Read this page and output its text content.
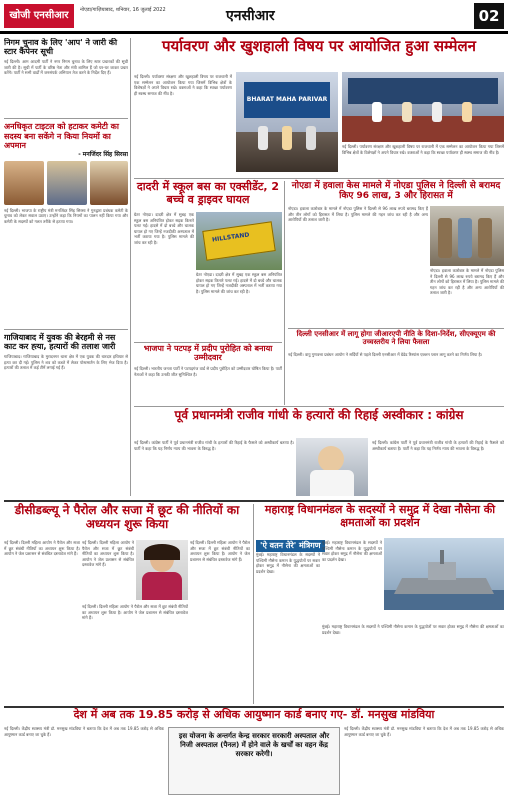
खोजी एनसीआर	नोएडा/गाज़ियाबाद, शनिवार, 16 जुलाई 2022	एनसीआर	02
निगम चुनाव के लिए 'आप' ने जारी की स्टार कैंपेनर सूची
नई दिल्ली। आम आदमी पार्टी ने नगर निगम चुनाव के लिए स्टार प्रचारकों की सूची जारी की है। सूची में पार्टी के वरिष्ठ नेता और मंत्री शामिल हैं जो घर-घर जाकर प्रचार करेंगे। पार्टी ने सभी वार्डों में जनसंपर्क अभियान तेज करने के निर्देश दिए हैं।
अनधिकृत टाइटल को हटाकर कमेटी का सदस्य बना सकेंगे न किया नियमों का अपमान
- मनजिंदर सिंह सिरसा
नई दिल्ली। भाजपा के राष्ट्रीय मंत्री मनजिंदर सिंह सिरसा ने गुरुद्वारा प्रबंधक कमेटी के चुनाव को लेकर सवाल उठाए। उन्होंने कहा कि नियमों का पालन नहीं किया गया और कमेटी के सदस्यों को गलत तरीके से हटाया गया।
गाजियाबाद में युवक की बेरहमी से नस काट कर ह्त्या, हत्यारों की तलाश जारी
गाजियाबाद। गाजियाबाद के मुरादनगर थाना क्षेत्र में एक युवक की धारदार हथियार से हत्या कर दी गई। पुलिस ने शव को कब्जे में लेकर पोस्टमार्टम के लिए भेज दिया है। हत्यारों की तलाश में कई टीमें लगाई गई हैं।
पर्यावरण और खुशहाली विषय पर आयोजित हुआ सम्मेलन
नई दिल्ली। पर्यावरण संरक्षण और खुशहाली विषय पर राजधानी में एक सम्मेलन का आयोजन किया गया जिसमें विभिन्न क्षेत्रों के विशेषज्ञों ने अपने विचार रखे। वक्ताओं ने कहा कि स्वच्छ पर्यावरण ही स्वस्थ समाज की नींव है।
BHARAT MAHA PARIVAR
नई दिल्ली। पर्यावरण संरक्षण और खुशहाली विषय पर राजधानी में एक सम्मेलन का आयोजन किया गया जिसमें विभिन्न क्षेत्रों के विशेषज्ञों ने अपने विचार रखे। वक्ताओं ने कहा कि स्वच्छ पर्यावरण ही स्वस्थ समाज की नींव है।
दादरी में स्कूल बस का एक्सीडेंट, 2 बच्चे व ड्राइवर घायल
ग्रेटर नोएडा। दादरी क्षेत्र में सुबह एक स्कूल बस अनियंत्रित होकर सड़क किनारे पलट गई। हादसे में दो बच्चे और चालक घायल हो गए जिन्हें नजदीकी अस्पताल में भर्ती कराया गया है। पुलिस मामले की जांच कर रही है।	HILLSTAND
ग्रेटर नोएडा। दादरी क्षेत्र में सुबह एक स्कूल बस अनियंत्रित होकर सड़क किनारे पलट गई। हादसे में दो बच्चे और चालक घायल हो गए जिन्हें नजदीकी अस्पताल में भर्ती कराया गया है। पुलिस मामले की जांच कर रही है।
नोएडा में हवाला केस मामले में नोएडा पुलिस ने दिल्ली से बरामद किए 96 लाख, 3 और हिरासत में
नोएडा। हवाला कारोबार के मामले में नोएडा पुलिस ने दिल्ली से 96 लाख रुपये बरामद किए हैं और तीन लोगों को हिरासत में लिया है। पुलिस मामले की गहन जांच कर रही है और अन्य आरोपियों की तलाश जारी है।
नोएडा। हवाला कारोबार के मामले में नोएडा पुलिस ने दिल्ली से 96 लाख रुपये बरामद किए हैं और तीन लोगों को हिरासत में लिया है। पुलिस मामले की गहन जांच कर रही है और अन्य आरोपियों की तलाश जारी है।
दिल्ली एनसीआर में लागू होगा जीआरएपी नीति के दिशा-निर्देश, सीएक्यूएम की उच्चस्तरीय ने लिया फैसला
नई दिल्ली। वायु गुणवत्ता प्रबंधन आयोग ने सर्दियों से पहले दिल्ली एनसीआर में ग्रेडेड रिस्पांस एक्शन प्लान लागू करने का निर्णय लिया है।
भाजपा ने पटपड़ में प्रदीप पुरोहित को बनाया उम्मीदवार
नई दिल्ली। भारतीय जनता पार्टी ने पटपड़गंज वार्ड से प्रदीप पुरोहित को उम्मीदवार घोषित किया है। पार्टी नेताओं ने कहा कि उनकी जीत सुनिश्चित है।
पूर्व प्रधानमंत्री राजीव गांधी के हत्यारों की रिहाई अस्वीकार : कांग्रेस
नई दिल्ली। कांग्रेस पार्टी ने पूर्व प्रधानमंत्री राजीव गांधी के हत्यारों की रिहाई के फैसले को अस्वीकार्य बताया है। पार्टी ने कहा कि यह निर्णय न्याय की भावना के विरुद्ध है।
नई दिल्ली। कांग्रेस पार्टी ने पूर्व प्रधानमंत्री राजीव गांधी के हत्यारों की रिहाई के फैसले को अस्वीकार्य बताया है। पार्टी ने कहा कि यह निर्णय न्याय की भावना के विरुद्ध है।
डीसीडब्ल्यू ने पैरोल और सजा में छूट की नीतियों का अध्ययन शुरू किया
नई दिल्ली। दिल्ली महिला आयोग ने पैरोल और सजा में छूट संबंधी नीतियों का अध्ययन शुरू किया है। आयोग ने जेल प्रशासन से संबंधित दस्तावेज मांगे हैं।
नई दिल्ली। दिल्ली महिला आयोग ने पैरोल और सजा में छूट संबंधी नीतियों का अध्ययन शुरू किया है। आयोग ने जेल प्रशासन से संबंधित दस्तावेज मांगे हैं।
नई दिल्ली। दिल्ली महिला आयोग ने पैरोल और सजा में छूट संबंधी नीतियों का अध्ययन शुरू किया है। आयोग ने जेल प्रशासन से संबंधित दस्तावेज मांगे हैं।
नई दिल्ली। दिल्ली महिला आयोग ने पैरोल और सजा में छूट संबंधी नीतियों का अध्ययन शुरू किया है। आयोग ने जेल प्रशासन से संबंधित दस्तावेज मांगे हैं।
महाराष्ट्र विधानमंडल के सदस्यों ने समुद्र में देखा नौसेना की क्षमताओं का प्रदर्शन
'ऐ वतन तेरे' मंत्रिगण
मुंबई। महाराष्ट्र विधानमंडल के सदस्यों ने पश्चिमी नौसेना कमान के युद्धपोतों पर सवार होकर समुद्र में नौसेना की क्षमताओं का प्रदर्शन देखा।
मुंबई। महाराष्ट्र विधानमंडल के सदस्यों ने पश्चिमी नौसेना कमान के युद्धपोतों पर सवार होकर समुद्र में नौसेना की क्षमताओं का प्रदर्शन देखा।
मुंबई। महाराष्ट्र विधानमंडल के सदस्यों ने पश्चिमी नौसेना कमान के युद्धपोतों पर सवार होकर समुद्र में नौसेना की क्षमताओं का प्रदर्शन देखा।
देश में अब तक 19.85 करोड़ से अधिक आयुष्मान कार्ड बनाए गए- डॉ. मनसुख मांडविया
नई दिल्ली। केंद्रीय स्वास्थ्य मंत्री डॉ. मनसुख मांडविया ने बताया कि देश में अब तक 19.85 करोड़ से अधिक आयुष्मान कार्ड बनाए जा चुके हैं।	इस योजना के अन्तर्गत केन्द्र सरकार सरकारी अस्पताल और निजी अस्पताल (पैनल) में होने वाले के खर्चों का वहन केंद्र सरकार करेगी।
नई दिल्ली। केंद्रीय स्वास्थ्य मंत्री डॉ. मनसुख मांडविया ने बताया कि देश में अब तक 19.85 करोड़ से अधिक आयुष्मान कार्ड बनाए जा चुके हैं।
